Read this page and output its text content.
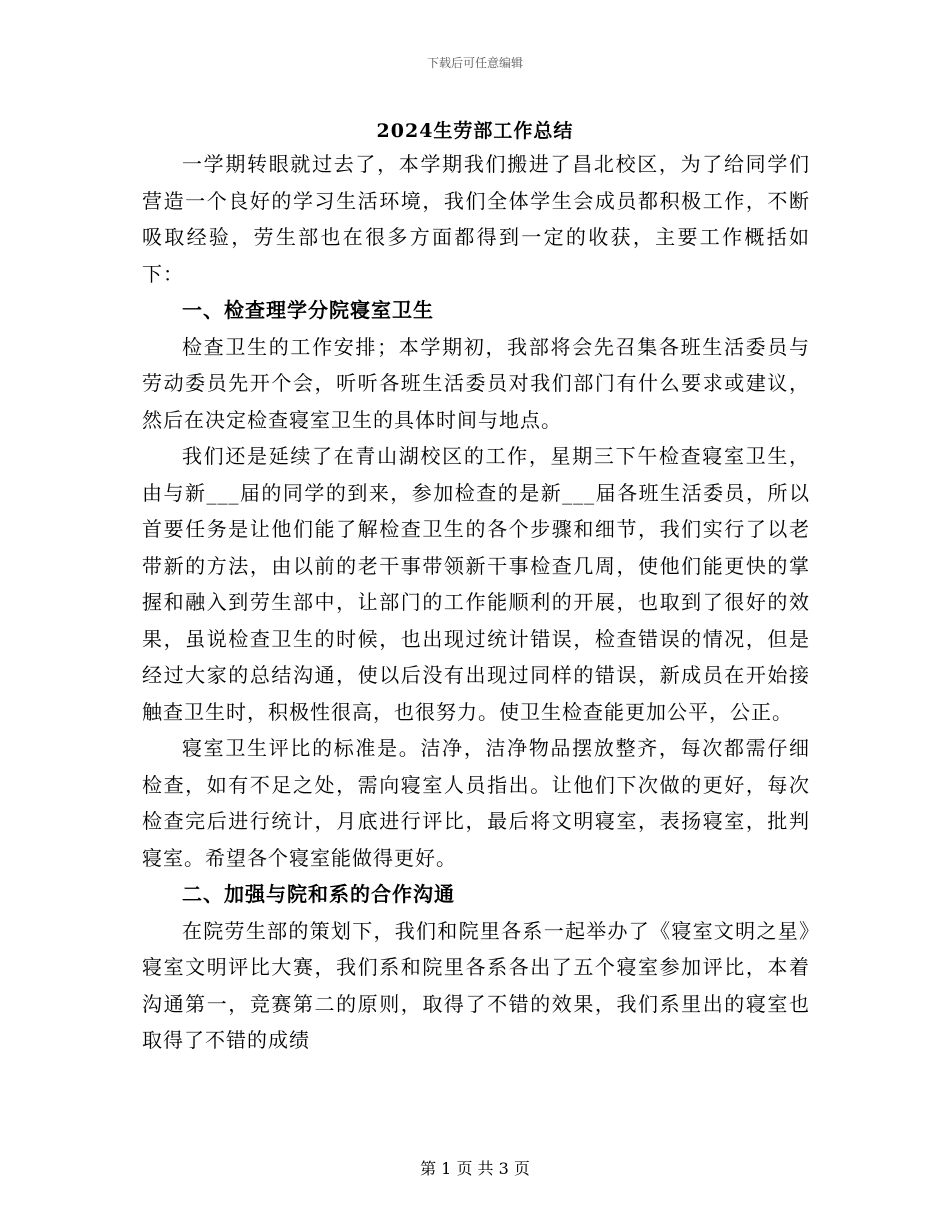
下载后可任意编辑
2024生劳部工作总结

一学期转眼就过去了，本学期我们搬进了昌北校区，为了给同学们营造一个良好的学习生活环境，我们全体学生会成员都积极工作，不断吸取经验，劳生部也在很多方面都得到一定的收获，主要工作概括如下：

一、检查理学分院寝室卫生

检查卫生的工作安排；本学期初，我部将会先召集各班生活委员与劳动委员先开个会，听听各班生活委员对我们部门有什么要求或建议，然后在决定检查寝室卫生的具体时间与地点。

我们还是延续了在青山湖校区的工作，星期三下午检查寝室卫生，由与新___届的同学的到来，参加检查的是新___届各班生活委员，所以首要任务是让他们能了解检查卫生的各个步骤和细节，我们实行了以老带新的方法，由以前的老干事带领新干事检查几周，使他们能更快的掌握和融入到劳生部中，让部门的工作能顺利的开展，也取到了很好的效果，虽说检查卫生的时候，也出现过统计错误，检查错误的情况，但是经过大家的总结沟通，使以后没有出现过同样的错误，新成员在开始接触查卫生时，积极性很高，也很努力。使卫生检查能更加公平，公正。

寝室卫生评比的标准是。洁净，洁净物品摆放整齐，每次都需仔细检查，如有不足之处，需向寝室人员指出。让他们下次做的更好，每次检查完后进行统计，月底进行评比，最后将文明寝室，表扬寝室，批判寝室。希望各个寝室能做得更好。

二、加强与院和系的合作沟通

在院劳生部的策划下，我们和院里各系一起举办了《寝室文明之星》寝室文明评比大赛，我们系和院里各系各出了五个寝室参加评比，本着沟通第一，竞赛第二的原则，取得了不错的效果，我们系里出的寝室也取得了不错的成绩

第 1 页 共 3 页
